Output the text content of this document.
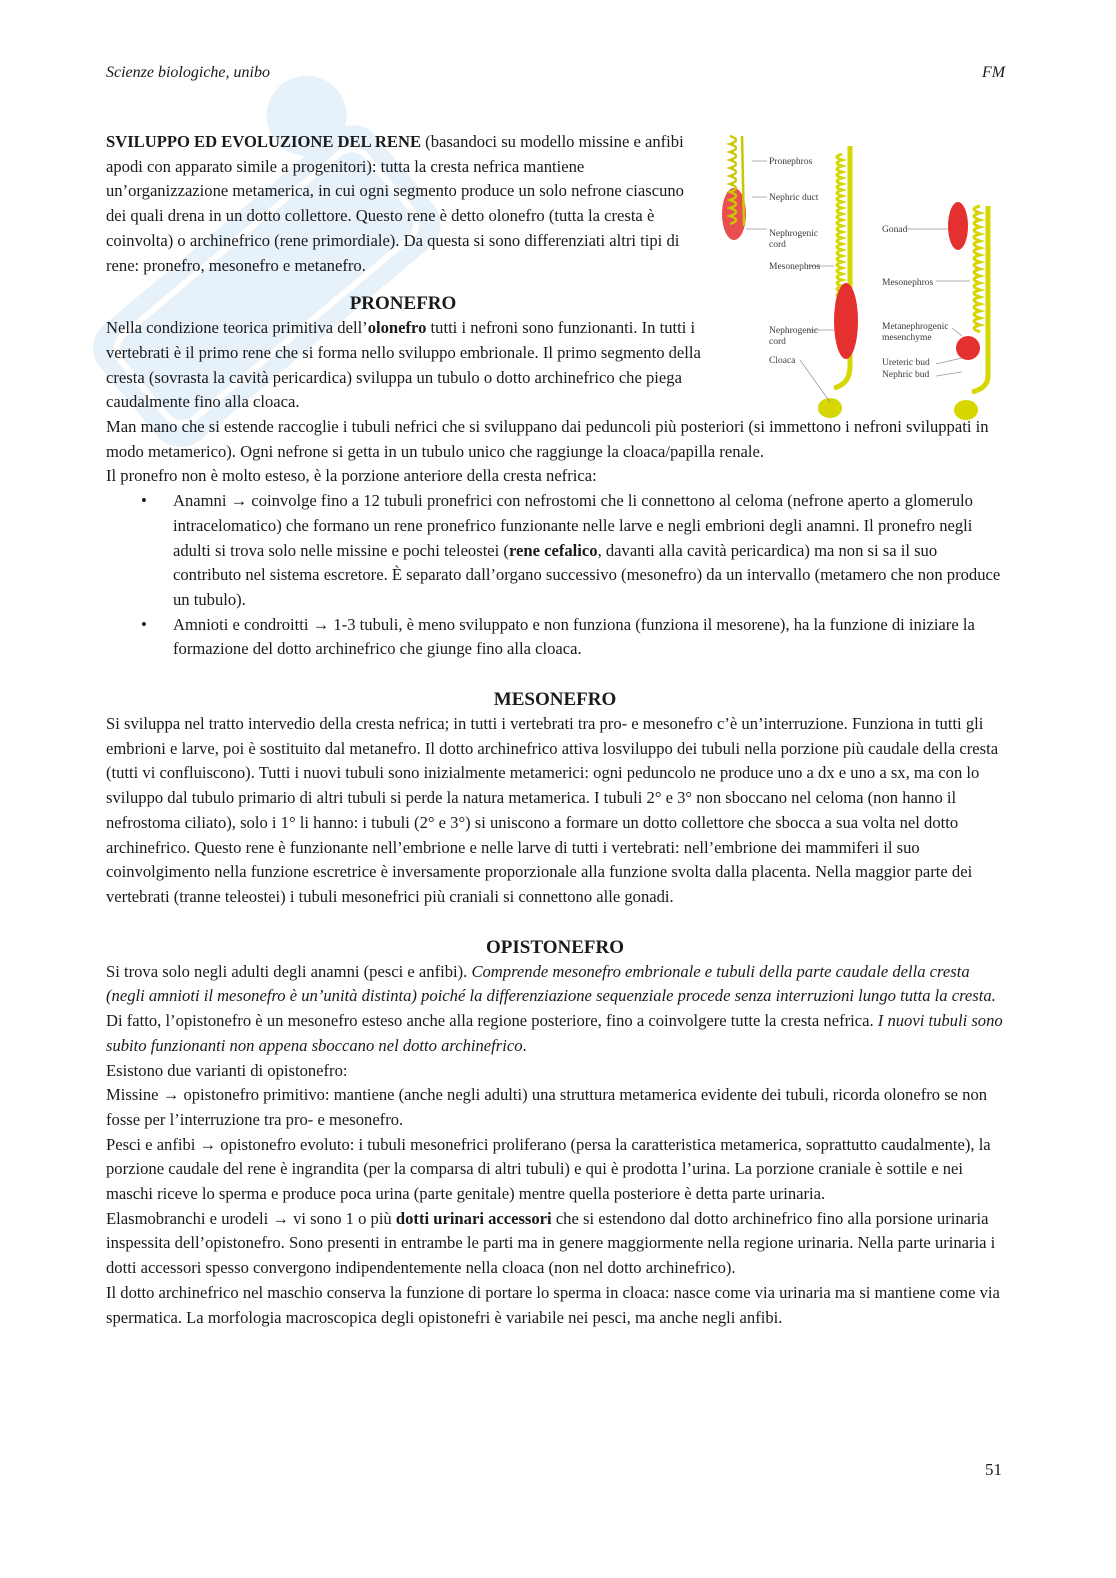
Scienze biologiche, unibo	FM
Pronephros
Nephric duct
Nephrogenic
cord
Mesonephros
Nephrogenic
cord
Cloaca
Gonad
Mesonephros
Metanephrogenic
mesenchyme
Ureteric bud
Nephric bud

SVILUPPO ED EVOLUZIONE DEL RENE (basandoci su modello missine e anfibi apodi con apparato simile a progenitori): tutta la cresta nefrica mantiene un’organizzazione metamerica, in cui ogni segmento produce un solo nefrone ciascuno dei quali drena in un dotto collettore. Questo rene è detto olonefro (tutta la cresta è coinvolta) o archinefrico (rene primordiale). Da questa si sono differenziati altri tipi di rene: pronefro, mesonefro e metanefro.

PRONEFRO

Nella condizione teorica primitiva dell’olonefro tutti i nefroni sono funzionanti. In tutti i vertebrati è il primo rene che si forma nello sviluppo embrionale. Il primo segmento della cresta (sovrasta la cavità pericardica) sviluppa un tubulo o dotto archinefrico che piega caudalmente fino alla cloaca.

Man mano che si estende raccoglie i tubuli nefrici che si sviluppano dai peduncoli più posteriori (si immettono i nefroni sviluppati in modo metamerico). Ogni nefrone si getta in un tubulo unico che raggiunge la cloaca/papilla renale.

Il pronefro non è molto esteso, è la porzione anteriore della cresta nefrica:

• Anamni → coinvolge fino a 12 tubuli pronefrici con nefrostomi che li connettono al celoma (nefrone aperto a glomerulo intracelomatico) che formano un rene pronefrico funzionante nelle larve e negli embrioni degli anamni. Il pronefro negli adulti si trova solo nelle missine e pochi teleostei (rene cefalico, davanti alla cavità pericardica) ma non si sa il suo contributo nel sistema escretore. È separato dall’organo successivo (mesonefro) da un intervallo (metamero che non produce un tubulo).
• Amnioti e condroitti → 1-3 tubuli, è meno sviluppato e non funziona (funziona il mesorene), ha la funzione di iniziare la formazione del dotto archinefrico che giunge fino alla cloaca.
MESONEFRO

Si sviluppa nel tratto intervedio della cresta nefrica; in tutti i vertebrati tra pro- e mesonefro c’è un’interruzione. Funziona in tutti gli embrioni e larve, poi è sostituito dal metanefro. Il dotto archinefrico attiva losviluppo dei tubuli nella porzione più caudale della cresta (tutti vi confluiscono). Tutti i nuovi tubuli sono inizialmente metamerici: ogni peduncolo ne produce uno a dx e uno a sx, ma con lo sviluppo dal tubulo primario di altri tubuli si perde la natura metamerica. I tubuli 2° e 3° non sboccano nel celoma (non hanno il nefrostoma ciliato), solo i 1° li hanno: i tubuli (2° e 3°) si uniscono a formare un dotto collettore che sbocca a sua volta nel dotto archinefrico. Questo rene è funzionante nell’embrione e nelle larve di tutti i vertebrati: nell’embrione dei mammiferi il suo coinvolgimento nella funzione escretrice è inversamente proporzionale alla funzione svolta dalla placenta. Nella maggior parte dei vertebrati (tranne teleostei) i tubuli mesonefrici più craniali si connettono alle gonadi.

OPISTONEFRO

Si trova solo negli adulti degli anamni (pesci e anfibi). Comprende mesonefro embrionale e tubuli della parte caudale della cresta (negli amnioti il mesonefro è un’unità distinta) poiché la differenziazione sequenziale procede senza interruzioni lungo tutta la cresta. Di fatto, l’opistonefro è un mesonefro esteso anche alla regione posteriore, fino a coinvolgere tutte la cresta nefrica. I nuovi tubuli sono subito funzionanti non appena sboccano nel dotto archinefrico.

Esistono due varianti di opistonefro:

Missine → opistonefro primitivo: mantiene (anche negli adulti) una struttura metamerica evidente dei tubuli, ricorda olonefro se non fosse per l’interruzione tra pro- e mesonefro.

Pesci e anfibi → opistonefro evoluto: i tubuli mesonefrici proliferano (persa la caratteristica metamerica, soprattutto caudalmente), la porzione caudale del rene è ingrandita (per la comparsa di altri tubuli) e qui è prodotta l’urina. La porzione craniale è sottile e nei maschi riceve lo sperma e produce poca urina (parte genitale) mentre quella posteriore è detta parte urinaria.

Elasmobranchi e urodeli → vi sono 1 o più dotti urinari accessori che si estendono dal dotto archinefrico fino alla porsione urinaria inspessita dell’opistonefro. Sono presenti in entrambe le parti ma in genere maggiormente nella regione urinaria. Nella parte urinaria i dotti accessori spesso convergono indipendentemente nella cloaca (non nel dotto archinefrico).

Il dotto archinefrico nel maschio conserva la funzione di portare lo sperma in cloaca: nasce come via urinaria ma si mantiene come via spermatica. La morfologia macroscopica degli opistonefri è variabile nei pesci, ma anche negli anfibi.

51
